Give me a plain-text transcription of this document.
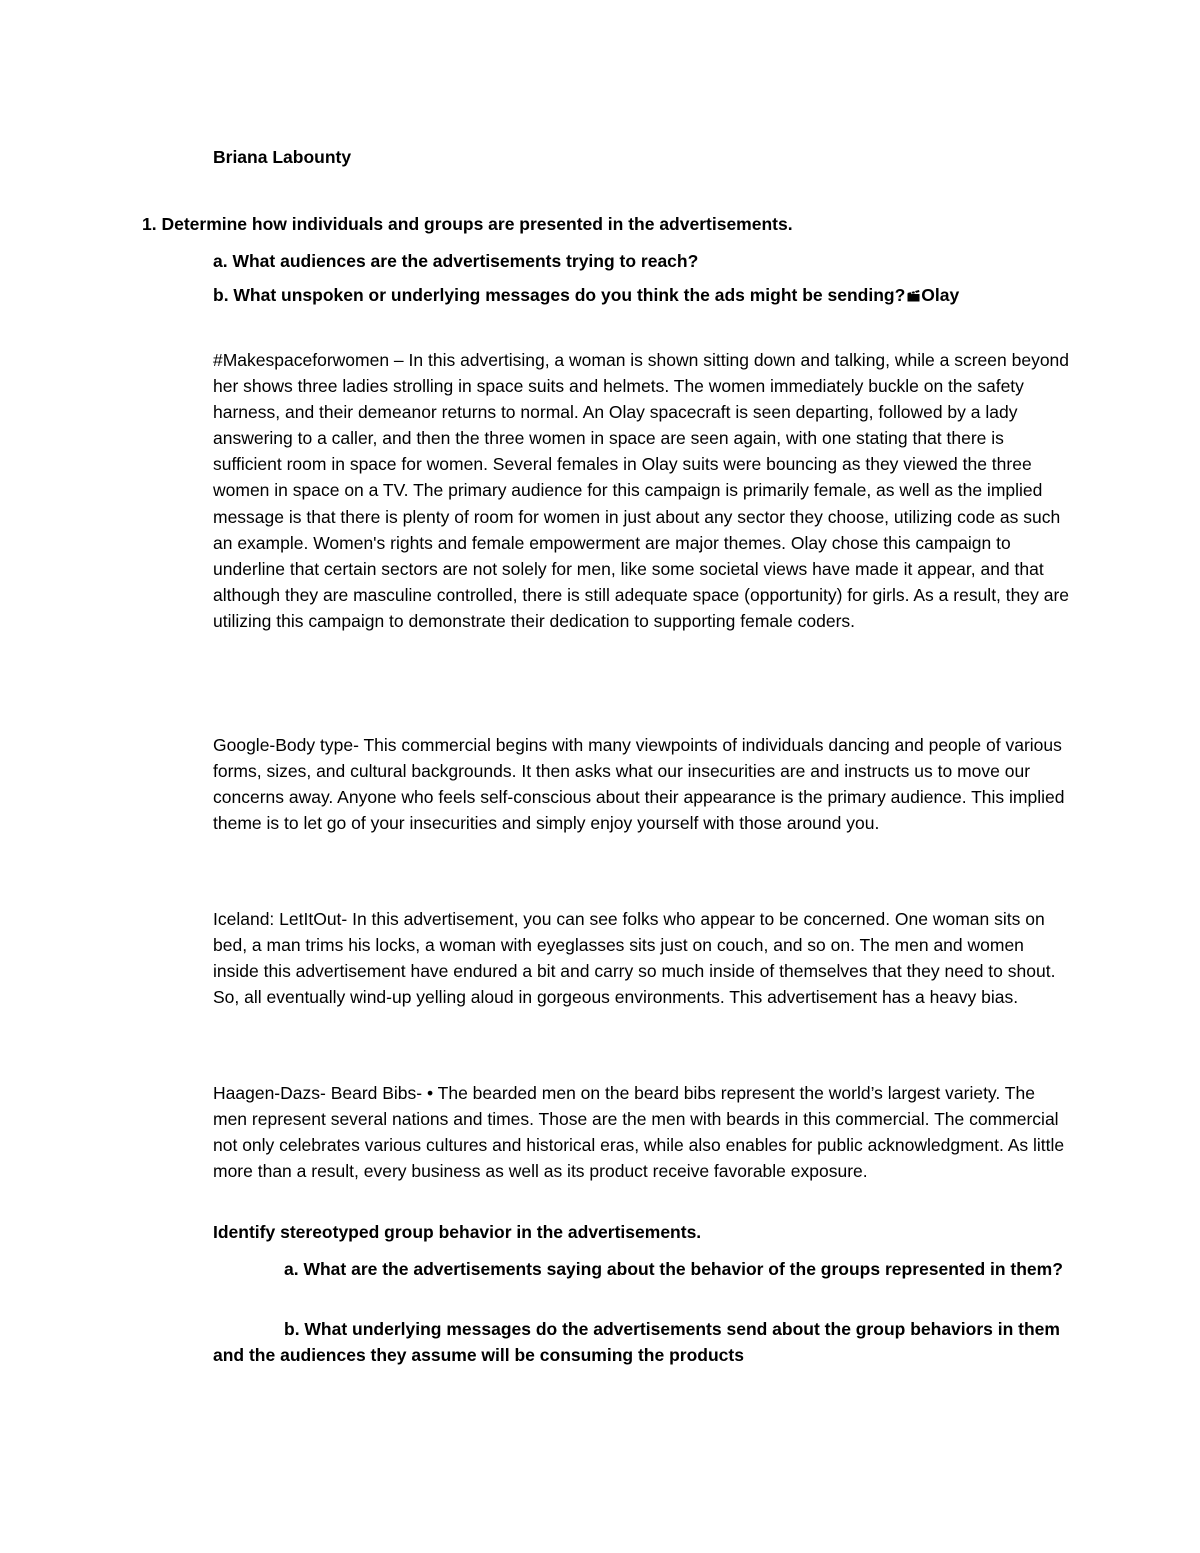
Briana Labounty

1. Determine how individuals and groups are presented in the advertisements.

a. What audiences are the advertisements trying to reach?

b. What unspoken or underlying messages do you think the ads might be sending? Olay

#Makespaceforwomen – In this advertising, a woman is shown sitting down and talking, while a screen beyond her shows three ladies strolling in space suits and helmets. The women immediately buckle on the safety harness, and their demeanor returns to normal. An Olay spacecraft is seen departing, followed by a lady answering to a caller, and then the three women in space are seen again, with one stating that there is sufficient room in space for women. Several females in Olay suits were bouncing as they viewed the three women in space on a TV. The primary audience for this campaign is primarily female, as well as the implied message is that there is plenty of room for women in just about any sector they choose, utilizing code as such an example. Women's rights and female empowerment are major themes. Olay chose this campaign to underline that certain sectors are not solely for men, like some societal views have made it appear, and that although they are masculine controlled, there is still adequate space (opportunity) for girls. As a result, they are utilizing this campaign to demonstrate their dedication to supporting female coders.

Google-Body type- This commercial begins with many viewpoints of individuals dancing and people of various forms, sizes, and cultural backgrounds. It then asks what our insecurities are and instructs us to move our concerns away. Anyone who feels self-conscious about their appearance is the primary audience. This implied theme is to let go of your insecurities and simply enjoy yourself with those around you.

Iceland: LetItOut- In this advertisement, you can see folks who appear to be concerned. One woman sits on bed, a man trims his locks, a woman with eyeglasses sits just on couch, and so on. The men and women inside this advertisement have endured a bit and carry so much inside of themselves that they need to shout. So, all eventually wind-up yelling aloud in gorgeous environments. This advertisement has a heavy bias.

Haagen-Dazs- Beard Bibs- • The bearded men on the beard bibs represent the world’s largest variety. The men represent several nations and times. Those are the men with beards in this commercial. The commercial not only celebrates various cultures and historical eras, while also enables for public acknowledgment. As little more than a result, every business as well as its product receive favorable exposure.

Identify stereotyped group behavior in the advertisements.

a. What are the advertisements saying about the behavior of the groups represented in them?

b. What underlying messages do the advertisements send about the group behaviors in them and the audiences they assume will be consuming the products
